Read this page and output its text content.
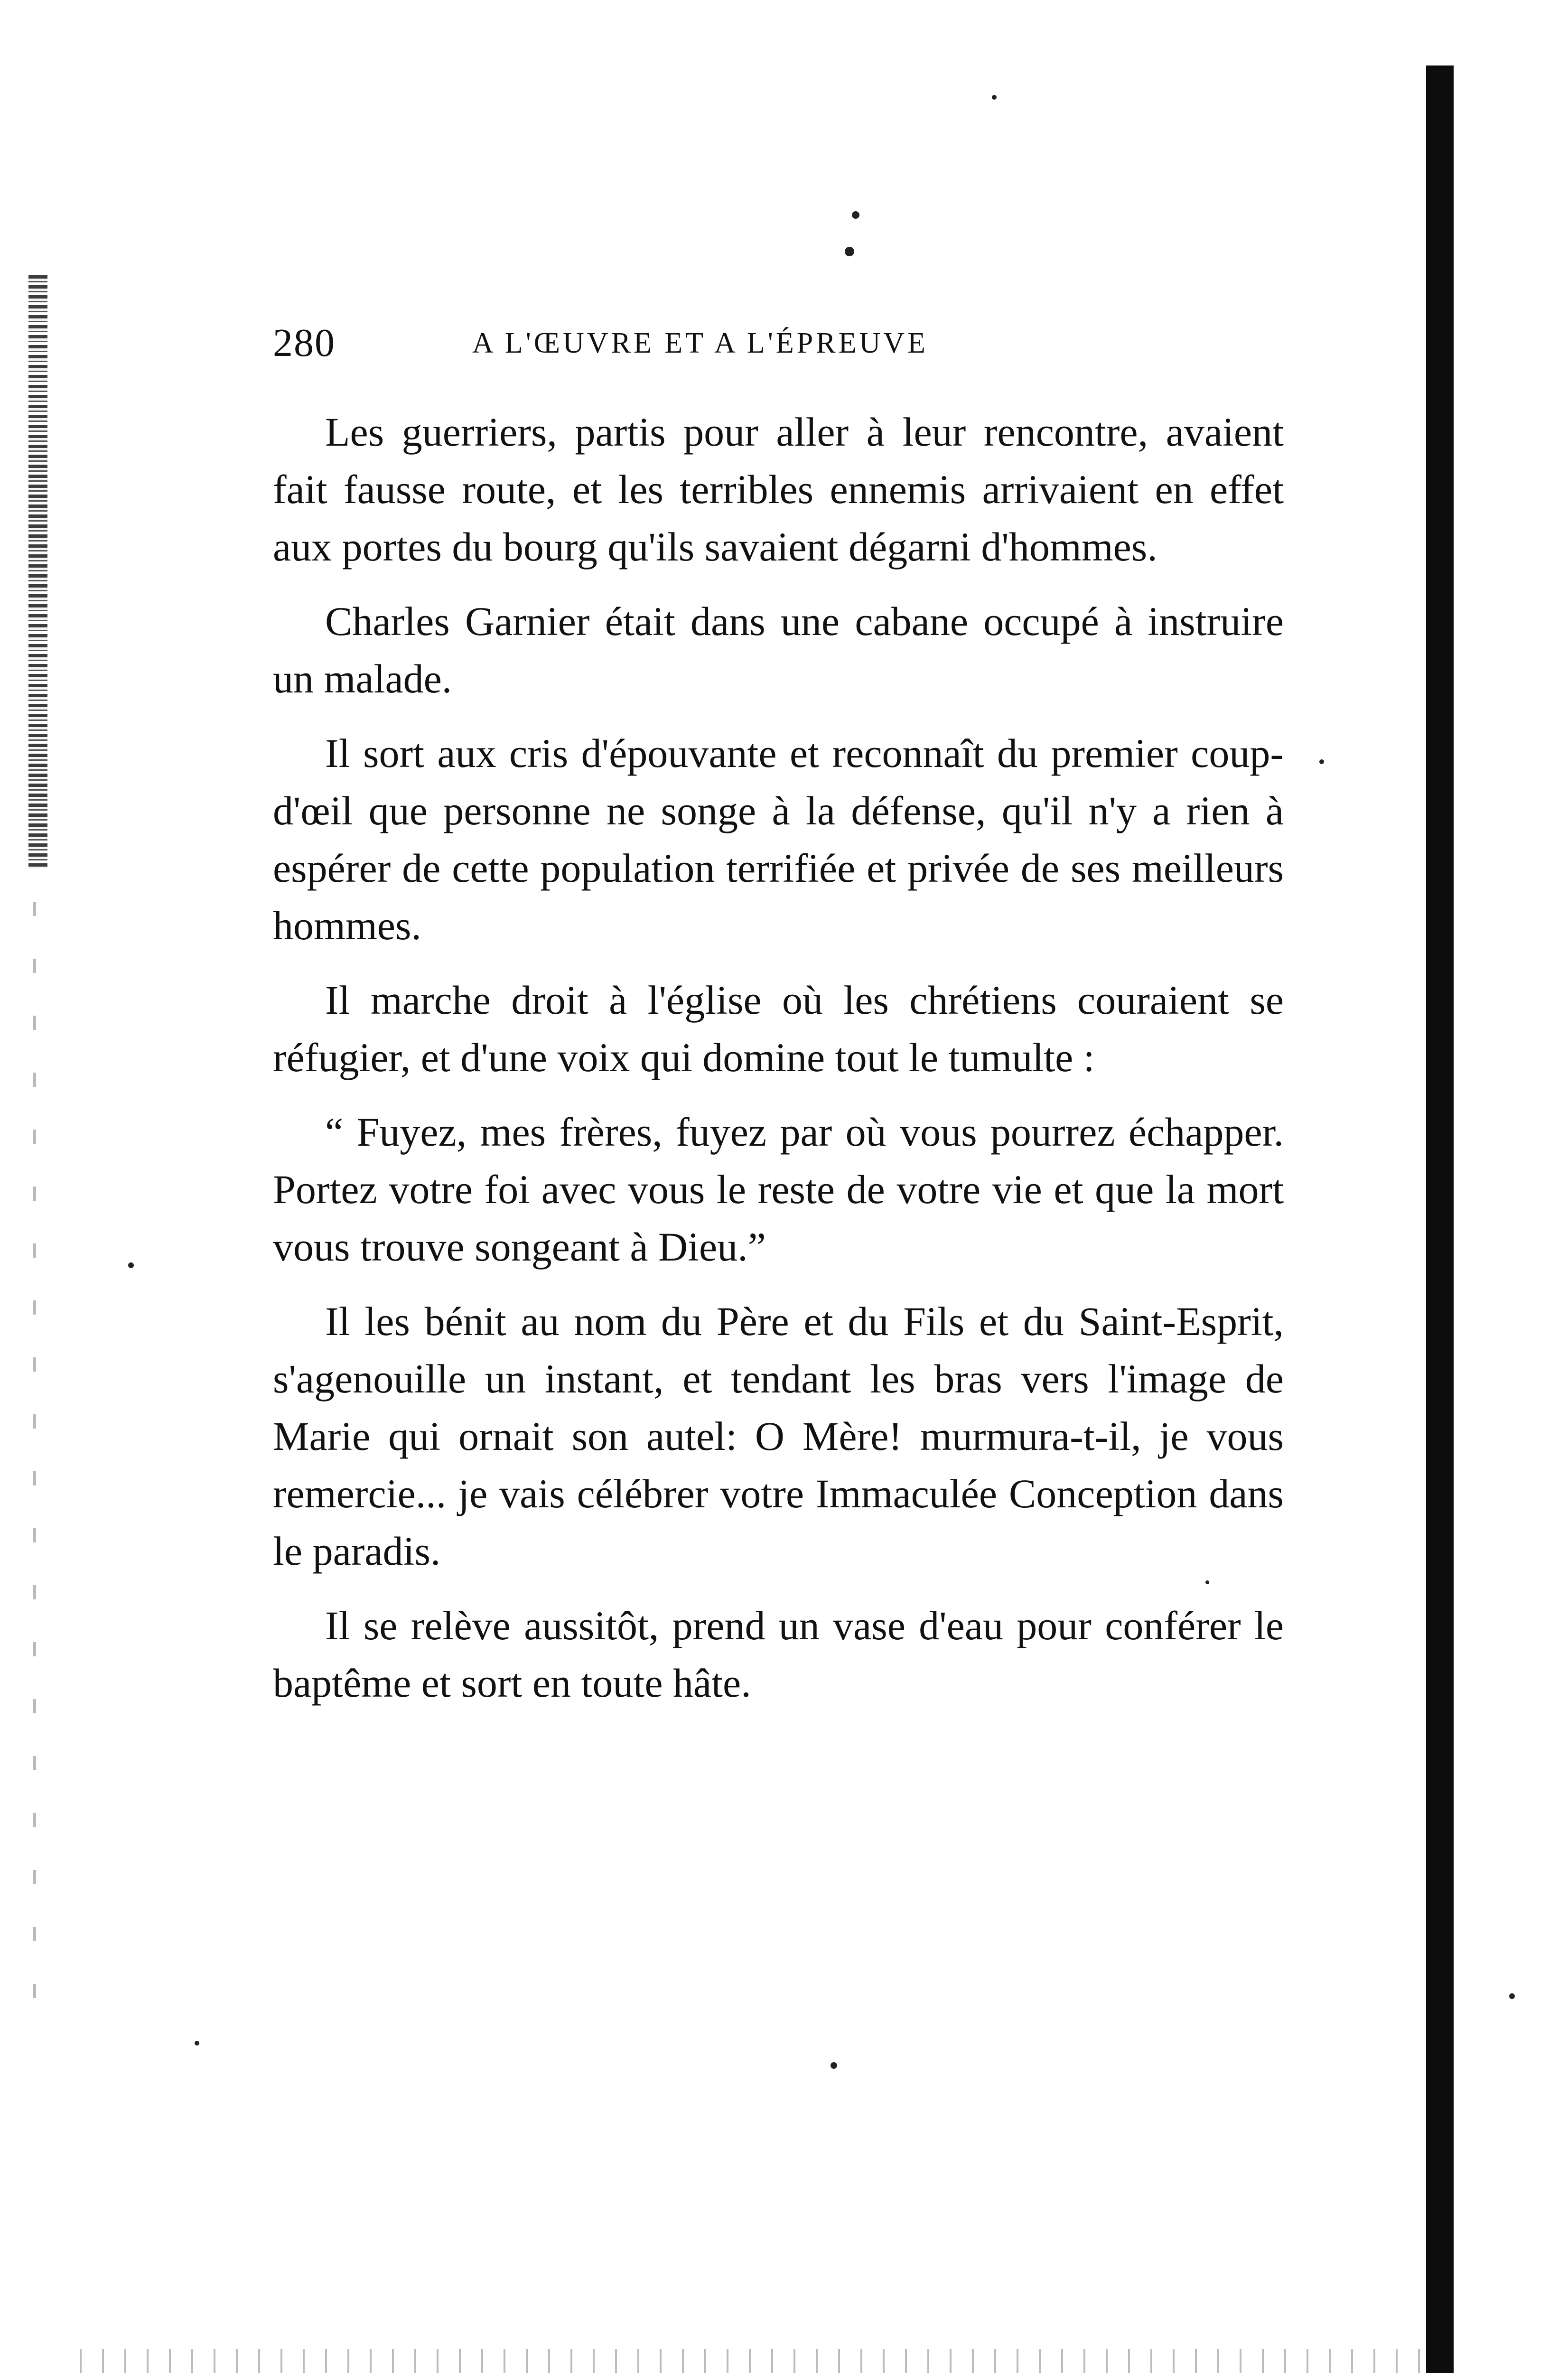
280	A L'ŒUVRE ET A L'ÉPREUVE

Les guerriers, partis pour aller à leur rencontre, avaient fait fausse route, et les terribles ennemis arrivaient en effet aux portes du bourg qu'ils savaient dégarni d'hommes.

Charles Garnier était dans une cabane occupé à instruire un malade.

Il sort aux cris d'épouvante et reconnaît du premier coup-d'œil que personne ne songe à la défense, qu'il n'y a rien à espérer de cette population terrifiée et privée de ses meilleurs hommes.

Il marche droit à l'église où les chrétiens couraient se réfugier, et d'une voix qui domine tout le tumulte :

“ Fuyez, mes frères, fuyez par où vous pourrez échapper. Portez votre foi avec vous le reste de votre vie et que la mort vous trouve songeant à Dieu.”

Il les bénit au nom du Père et du Fils et du Saint-Esprit, s'agenouille un instant, et tendant les bras vers l'image de Marie qui ornait son autel: O Mère! murmura-t-il, je vous remercie... je vais célébrer votre Immaculée Conception dans le paradis.

Il se relève aussitôt, prend un vase d'eau pour conférer le baptême et sort en toute hâte.
